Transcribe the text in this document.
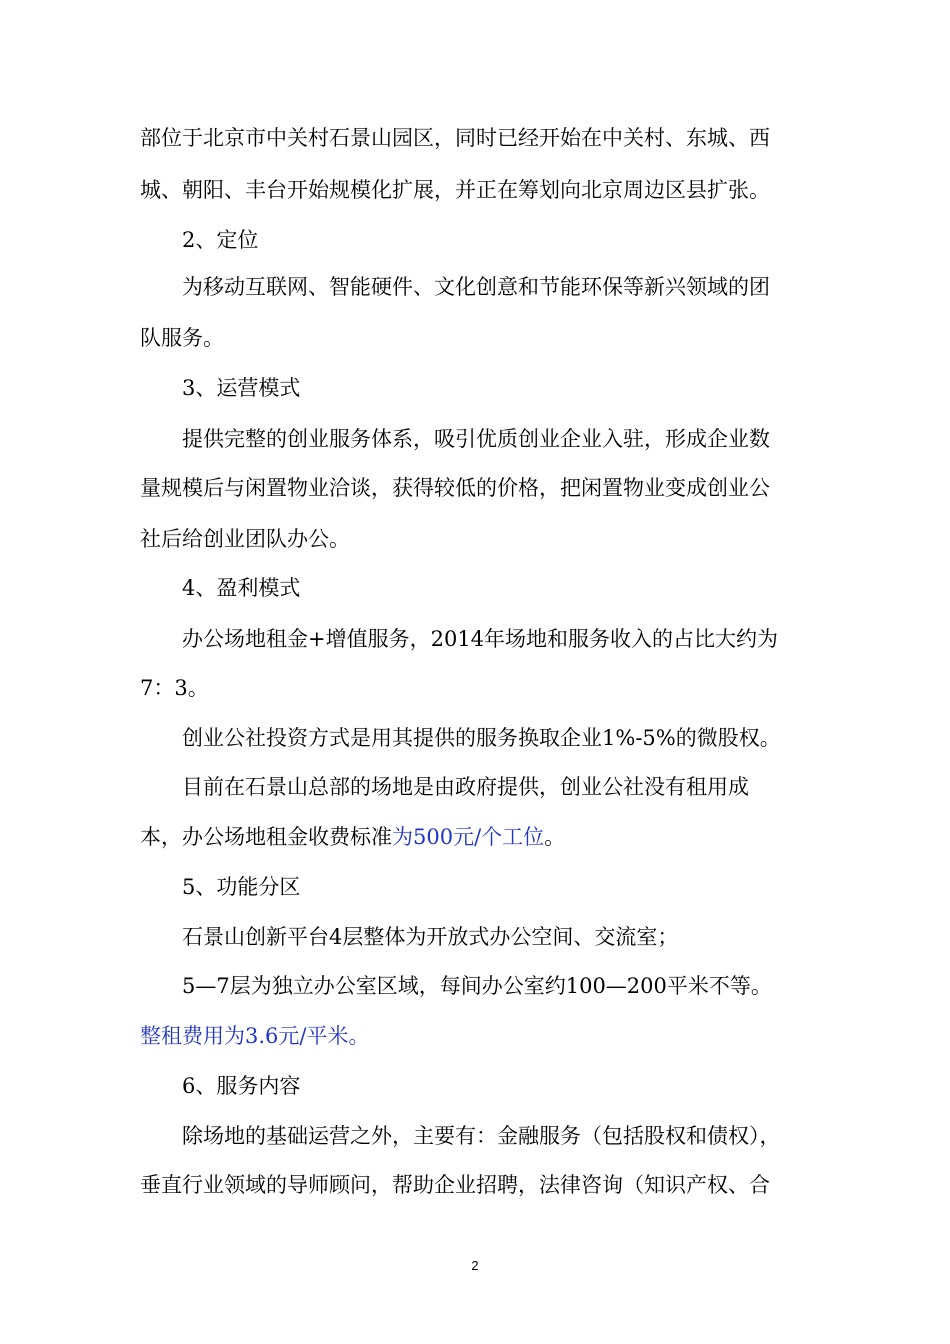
部位于北京市中关村石景山园区，同时已经开始在中关村、东城、西
城、朝阳、丰台开始规模化扩展，并正在筹划向北京周边区县扩张。
2、定位
为移动互联网、智能硬件、文化创意和节能环保等新兴领域的团
队服务。
3、运营模式
提供完整的创业服务体系，吸引优质创业企业入驻，形成企业数
量规模后与闲置物业洽谈，获得较低的价格，把闲置物业变成创业公
社后给创业团队办公。
4、盈利模式
办公场地租金+增值服务，2014年场地和服务收入的占比大约为
7：3。
创业公社投资方式是用其提供的服务换取企业1%-5%的微股权。
目前在石景山总部的场地是由政府提供，创业公社没有租用成
本，办公场地租金收费标准为500元/个工位。
5、功能分区
石景山创新平台4层整体为开放式办公空间、交流室；
5—7层为独立办公室区域，每间办公室约100—200平米不等。
整租费用为3.6元/平米。
6、服务内容
除场地的基础运营之外，主要有：金融服务（包括股权和债权），
垂直行业领域的导师顾问，帮助企业招聘，法律咨询（知识产权、合
2
